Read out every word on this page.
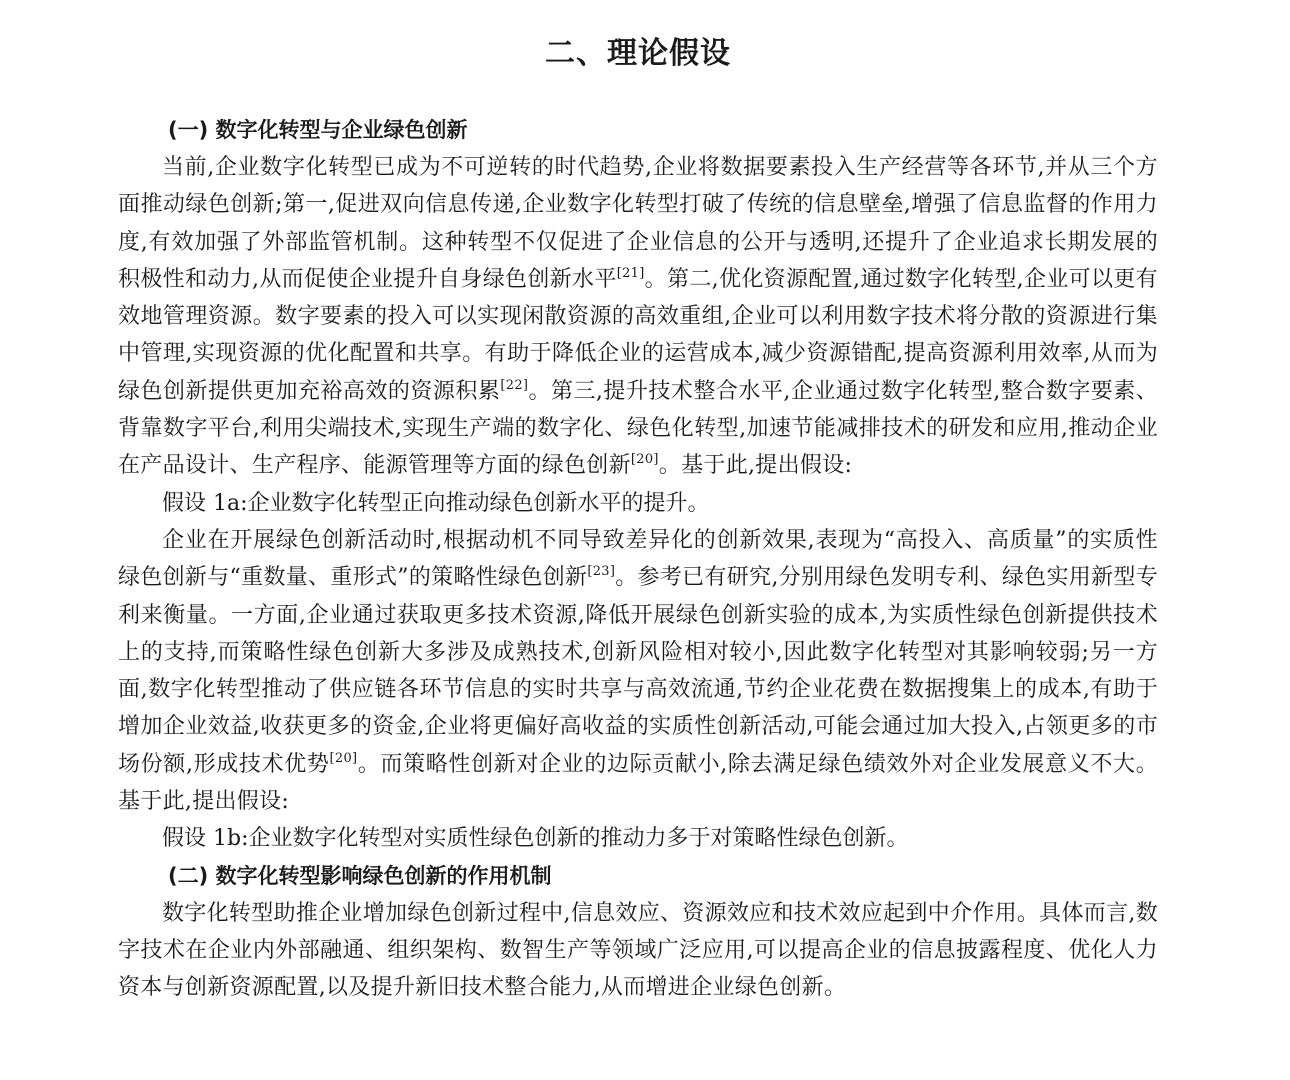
二、理论假设
(一) 数字化转型与企业绿色创新

当前,企业数字化转型已成为不可逆转的时代趋势,企业将数据要素投入生产经营等各环节,并从三个方面推动绿色创新;第一,促进双向信息传递,企业数字化转型打破了传统的信息壁垒,增强了信息监督的作用力度,有效加强了外部监管机制。这种转型不仅促进了企业信息的公开与透明,还提升了企业追求长期发展的积极性和动力,从而促使企业提升自身绿色创新水平[21]。第二,优化资源配置,通过数字化转型,企业可以更有效地管理资源。数字要素的投入可以实现闲散资源的高效重组,企业可以利用数字技术将分散的资源进行集中管理,实现资源的优化配置和共享。有助于降低企业的运营成本,减少资源错配,提高资源利用效率,从而为绿色创新提供更加充裕高效的资源积累[22]。第三,提升技术整合水平,企业通过数字化转型,整合数字要素、背靠数字平台,利用尖端技术,实现生产端的数字化、绿色化转型,加速节能减排技术的研发和应用,推动企业在产品设计、生产程序、能源管理等方面的绿色创新[20]。基于此,提出假设:

假设 1a:企业数字化转型正向推动绿色创新水平的提升。

企业在开展绿色创新活动时,根据动机不同导致差异化的创新效果,表现为“高投入、高质量”的实质性绿色创新与“重数量、重形式”的策略性绿色创新[23]。参考已有研究,分别用绿色发明专利、绿色实用新型专利来衡量。一方面,企业通过获取更多技术资源,降低开展绿色创新实验的成本,为实质性绿色创新提供技术上的支持,而策略性绿色创新大多涉及成熟技术,创新风险相对较小,因此数字化转型对其影响较弱;另一方面,数字化转型推动了供应链各环节信息的实时共享与高效流通,节约企业花费在数据搜集上的成本,有助于增加企业效益,收获更多的资金,企业将更偏好高收益的实质性创新活动,可能会通过加大投入,占领更多的市场份额,形成技术优势[20]。而策略性创新对企业的边际贡献小,除去满足绿色绩效外对企业发展意义不大。基于此,提出假设:

假设 1b:企业数字化转型对实质性绿色创新的推动力多于对策略性绿色创新。

(二) 数字化转型影响绿色创新的作用机制

数字化转型助推企业增加绿色创新过程中,信息效应、资源效应和技术效应起到中介作用。具体而言,数字技术在企业内外部融通、组织架构、数智生产等领域广泛应用,可以提高企业的信息披露程度、优化人力资本与创新资源配置,以及提升新旧技术整合能力,从而增进企业绿色创新。
